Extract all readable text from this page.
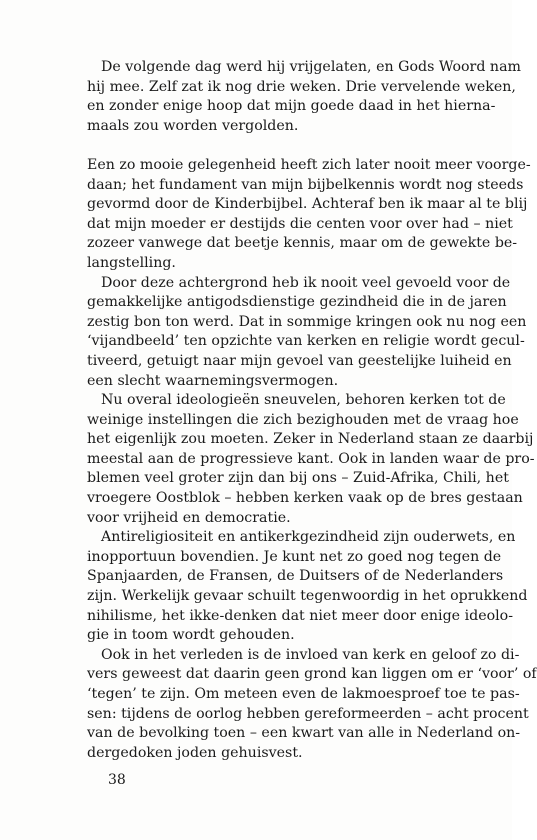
De volgende dag werd hij vrijgelaten, en Gods Woord nam
hij mee. Zelf zat ik nog drie weken. Drie vervelende weken,
en zonder enige hoop dat mijn goede daad in het hierna-
maals zou worden vergolden.
Een zo mooie gelegenheid heeft zich later nooit meer voorge-
daan; het fundament van mijn bijbelkennis wordt nog steeds
gevormd door de Kinderbijbel. Achteraf ben ik maar al te blij
dat mijn moeder er destijds die centen voor over had – niet
zozeer vanwege dat beetje kennis, maar om de gewekte be-
langstelling.
Door deze achtergrond heb ik nooit veel gevoeld voor de
gemakkelijke antigodsdienstige gezindheid die in de jaren
zestig bon ton werd. Dat in sommige kringen ook nu nog een
‘vijandbeeld’ ten opzichte van kerken en religie wordt gecul-
tiveerd, getuigt naar mijn gevoel van geestelijke luiheid en
een slecht waarnemingsvermogen.
Nu overal ideologieën sneuvelen, behoren kerken tot de
weinige instellingen die zich bezighouden met de vraag hoe
het eigenlijk zou moeten. Zeker in Nederland staan ze daarbij
meestal aan de progressieve kant. Ook in landen waar de pro-
blemen veel groter zijn dan bij ons – Zuid-Afrika, Chili, het
vroegere Oostblok – hebben kerken vaak op de bres gestaan
voor vrijheid en democratie.
Antireligiositeit en antikerkgezindheid zijn ouderwets, en
inopportuun bovendien. Je kunt net zo goed nog tegen de
Spanjaarden, de Fransen, de Duitsers of de Nederlanders
zijn. Werkelijk gevaar schuilt tegenwoordig in het oprukkend
nihilisme, het ikke-denken dat niet meer door enige ideolo-
gie in toom wordt gehouden.
Ook in het verleden is de invloed van kerk en geloof zo di-
vers geweest dat daarin geen grond kan liggen om er ‘voor’ of
‘tegen’ te zijn. Om meteen even de lakmoesproef toe te pas-
sen: tijdens de oorlog hebben gereformeerden – acht procent
van de bevolking toen – een kwart van alle in Nederland on-
dergedoken joden gehuisvest.
38
